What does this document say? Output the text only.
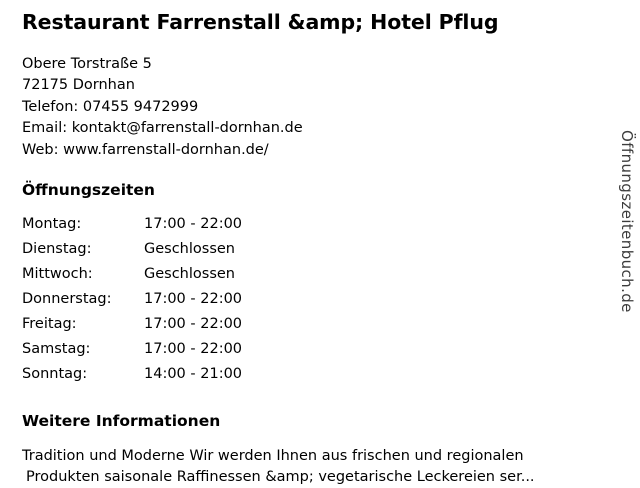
Restaurant Farrenstall &amp; Hotel Pflug
Obere Torstraße 5
72175 Dornhan
Telefon: 07455 9472999
Email: kontakt@farrenstall-dornhan.de
Web: www.farrenstall-dornhan.de/
Öffnungszeiten
Montag:	17:00 - 22:00
Dienstag:	Geschlossen
Mittwoch:	Geschlossen
Donnerstag:	17:00 - 22:00
Freitag:	17:00 - 22:00
Samstag:	17:00 - 22:00
Sonntag:	14:00 - 21:00
Weitere Informationen
Tradition und Moderne Wir werden Ihnen aus frischen und regionalen
Produkten saisonale Raffinessen &amp; vegetarische Leckereien ser...
Öffnungszeitenbuch.de
